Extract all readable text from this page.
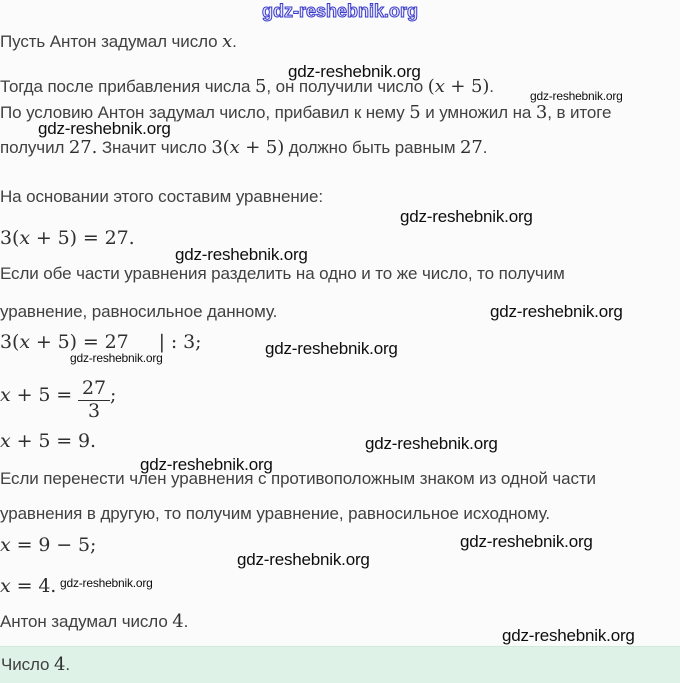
gdz-reshebnik.org
Пусть Антон задумал число x.
gdz-reshebnik.org
Тогда после прибавления числа 5, он получили число (x + 5).	gdz-reshebnik.org
По условию Антон задумал число, прибавил к нему 5 и умножил на 3, в итоге
gdz-reshebnik.org
получил 27. Значит число 3(x + 5) должно быть равным 27.
На основании этого составим уравнение:
gdz-reshebnik.org
3(x + 5) = 27.
gdz-reshebnik.org
Если обе части уравнения разделить на одно и то же число, то получим
уравнение, равносильное данному.	gdz-reshebnik.org
3(x + 5) = 27 | : 3;	gdz-reshebnik.org
gdz-reshebnik.org
$x + 5 = \frac{27}{3}$ ;
x + 5 = 9.	gdz-reshebnik.org
gdz-reshebnik.org
Если перенести член уравнения с противоположным знаком из одной части
уравнения в другую, то получим уравнение, равносильное исходному.
gdz-reshebnik.org
x = 9 − 5;
gdz-reshebnik.org
x = 4. gdz-reshebnik.org
Антон задумал число 4.
gdz-reshebnik.org
Число 4.
